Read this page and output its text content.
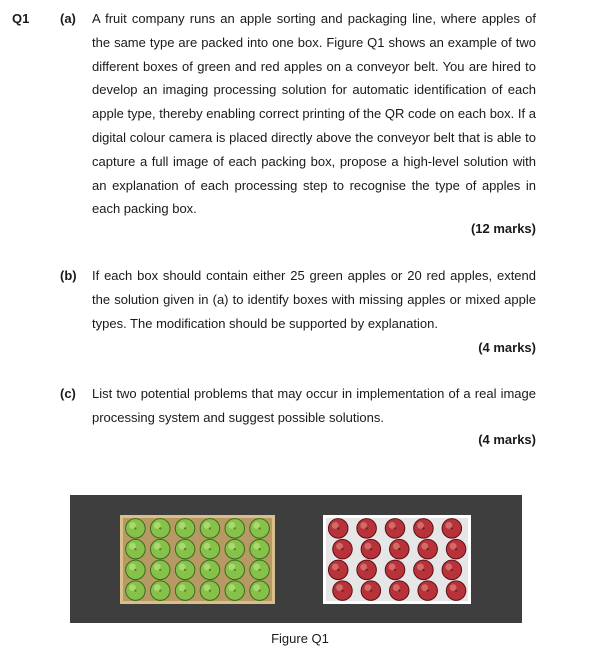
Q1 (a) A fruit company runs an apple sorting and packaging line, where apples of the same type are packed into one box. Figure Q1 shows an example of two different boxes of green and red apples on a conveyor belt. You are hired to develop an imaging processing solution for automatic identification of each apple type, thereby enabling correct printing of the QR code on each box. If a digital colour camera is placed directly above the conveyor belt that is able to capture a full image of each packing box, propose a high-level solution with an explanation of each processing step to recognise the type of apples in each packing box.
(12 marks)
(b) If each box should contain either 25 green apples or 20 red apples, extend the solution given in (a) to identify boxes with missing apples or mixed apple types. The modification should be supported by explanation.
(4 marks)
(c) List two potential problems that may occur in implementation of a real image processing system and suggest possible solutions.
(4 marks)
Figure Q1
